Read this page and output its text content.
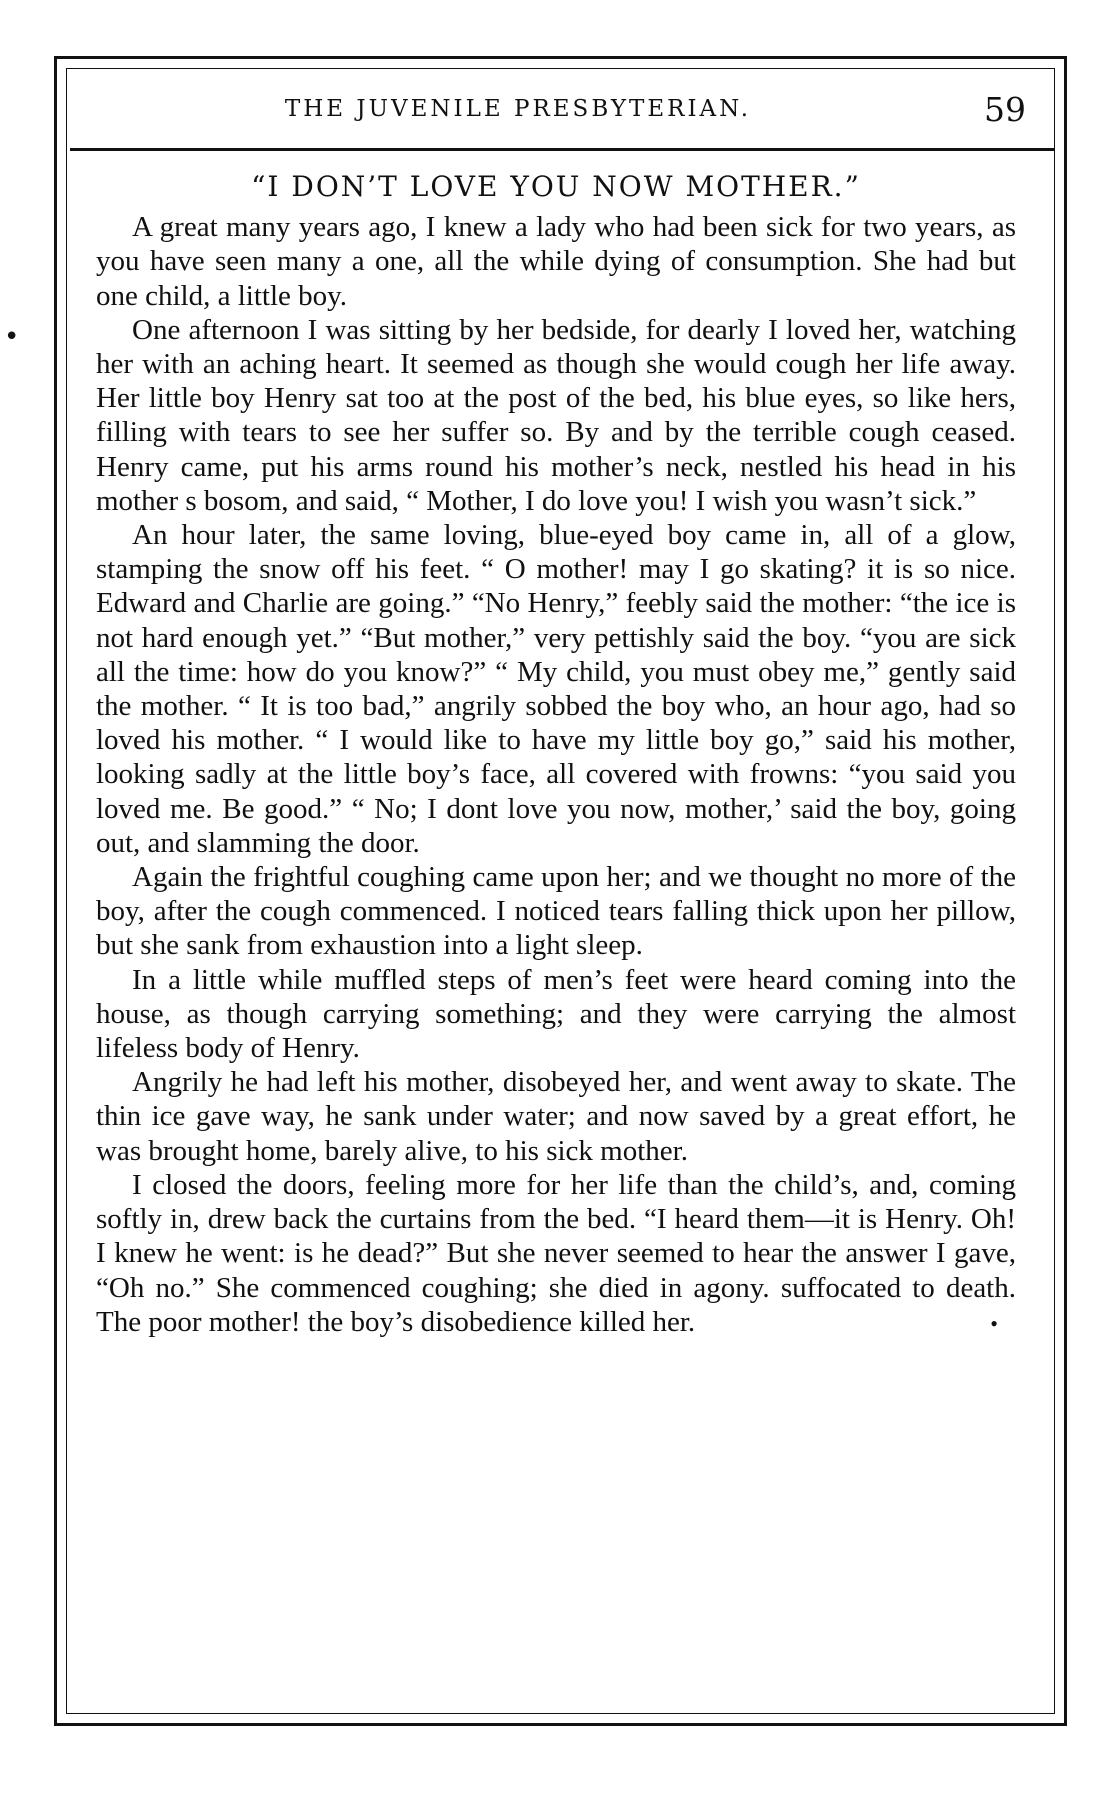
•
THE JUVENILE PRESBYTERIAN.	59
“I DON’T LOVE YOU NOW MOTHER.”

A great many years ago, I knew a lady who had been sick for two years, as you have seen many a one, all the while dying of consumption. She had but one child, a little boy.

One afternoon I was sitting by her bedside, for dearly I loved her, watching her with an aching heart. It seemed as though she would cough her life away. Her little boy Henry sat too at the post of the bed, his blue eyes, so like hers, filling with tears to see her suffer so. By and by the terrible cough ceased. Henry came, put his arms round his mother’s neck, nestled his head in his mother s bosom, and said, “ Mother, I do love you! I wish you wasn’t sick.”

An hour later, the same loving, blue-eyed boy came in, all of a glow, stamping the snow off his feet. “ O mother! may I go skating? it is so nice. Edward and Charlie are going.” “No Henry,” feebly said the mother: “the ice is not hard enough yet.” “But mother,” very pettishly said the boy. “you are sick all the time: how do you know?” “ My child, you must obey me,” gently said the mother. “ It is too bad,” angrily sobbed the boy who, an hour ago, had so loved his mother. “ I would like to have my little boy go,” said his mother, looking sadly at the little boy’s face, all covered with frowns: “you said you loved me. Be good.” “ No; I dont love you now, mother,’ said the boy, going out, and slamming the door.

Again the frightful coughing came upon her; and we thought no more of the boy, after the cough commenced. I noticed tears falling thick upon her pillow, but she sank from exhaustion into a light sleep.

In a little while muffled steps of men’s feet were heard coming into the house, as though carrying something; and they were carrying the almost lifeless body of Henry.

Angrily he had left his mother, disobeyed her, and went away to skate. The thin ice gave way, he sank under water; and now saved by a great effort, he was brought home, barely alive, to his sick mother.

I closed the doors, feeling more for her life than the child’s, and, coming softly in, drew back the curtains from the bed. “I heard them—it is Henry. Oh! I knew he went: is he dead?” But she never seemed to hear the answer I gave, “Oh no.” She commenced coughing; she died in agony. suffocated to death. The poor mother! the boy’s disobedience killed her.	•
